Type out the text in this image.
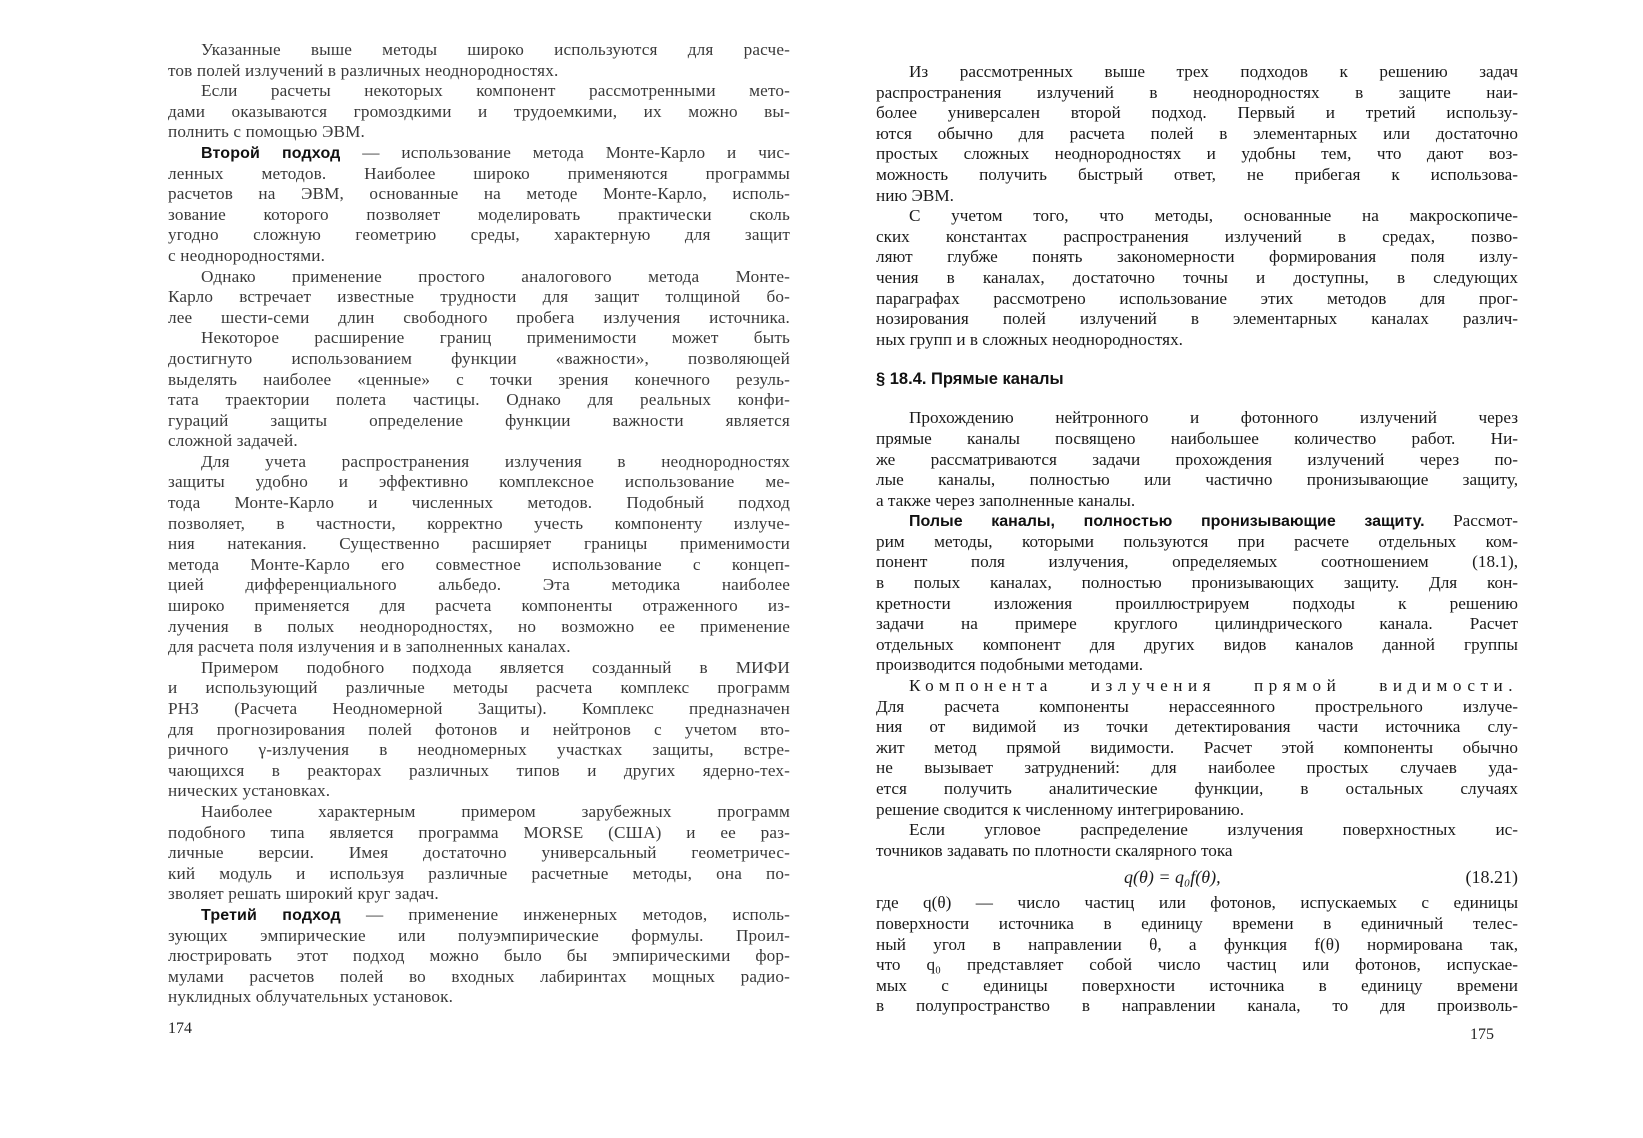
Указанные выше методы широко используются для расче-
тов полей излучений в различных неоднородностях.
Если расчеты некоторых компонент рассмотренными мето-
дами оказываются громоздкими и трудоемкими, их можно вы-
полнить с помощью ЭВМ.
Второй подход — использование метода Монте-Карло и чис-
ленных методов. Наиболее широко применяются программы
расчетов на ЭВМ, основанные на методе Монте-Карло, исполь-
зование которого позволяет моделировать практически сколь
угодно сложную геометрию среды, характерную для защит
с неоднородностями.
Однако применение простого аналогового метода Монте-
Карло встречает известные трудности для защит толщиной бо-
лее шести-семи длин свободного пробега излучения источника.
Некоторое расширение границ применимости может быть
достигнуто использованием функции «важности», позволяющей
выделять наиболее «ценные» с точки зрения конечного резуль-
тата траектории полета частицы. Однако для реальных конфи-
гураций защиты определение функции важности является
сложной задачей.
Для учета распространения излучения в неоднородностях
защиты удобно и эффективно комплексное использование ме-
тода Монте-Карло и численных методов. Подобный подход
позволяет, в частности, корректно учесть компоненту излуче-
ния натекания. Существенно расширяет границы применимости
метода Монте-Карло его совместное использование с концеп-
цией дифференциального альбедо. Эта методика наиболее
широко применяется для расчета компоненты отраженного из-
лучения в полых неоднородностях, но возможно ее применение
для расчета поля излучения и в заполненных каналах.
Примером подобного подхода является созданный в МИФИ
и использующий различные методы расчета комплекс программ
РНЗ (Расчета Неодномерной Защиты). Комплекс предназначен
для прогнозирования полей фотонов и нейтронов с учетом вто-
ричного γ-излучения в неодномерных участках защиты, встре-
чающихся в реакторах различных типов и других ядерно-тех-
нических установках.
Наиболее характерным примером зарубежных программ
подобного типа является программа MORSE (США) и ее раз-
личные версии. Имея достаточно универсальный геометричес-
кий модуль и используя различные расчетные методы, она по-
зволяет решать широкий круг задач.
Третий подход — применение инженерных методов, исполь-
зующих эмпирические или полуэмпирические формулы. Проил-
люстрировать этот подход можно было бы эмпирическими фор-
мулами расчетов полей во входных лабиринтах мощных радио-
нуклидных облучательных установок.
174
Из рассмотренных выше трех подходов к решению задач
распространения излучений в неоднородностях в защите наи-
более универсален второй подход. Первый и третий использу-
ются обычно для расчета полей в элементарных или достаточно
простых сложных неоднородностях и удобны тем, что дают воз-
можность получить быстрый ответ, не прибегая к использова-
нию ЭВМ.
С учетом того, что методы, основанные на макроскопиче-
ских константах распространения излучений в средах, позво-
ляют глубже понять закономерности формирования поля излу-
чения в каналах, достаточно точны и доступны, в следующих
параграфах рассмотрено использование этих методов для прог-
нозирования полей излучений в элементарных каналах различ-
ных групп и в сложных неоднородностях.
§ 18.4. Прямые каналы
Прохождению нейтронного и фотонного излучений через
прямые каналы посвящено наибольшее количество работ. Ни-
же рассматриваются задачи прохождения излучений через по-
лые каналы, полностью или частично пронизывающие защиту,
а также через заполненные каналы.
Полые каналы, полностью пронизывающие защиту. Рассмот-
рим методы, которыми пользуются при расчете отдельных ком-
понент поля излучения, определяемых соотношением (18.1),
в полых каналах, полностью пронизывающих защиту. Для кон-
кретности изложения проиллюстрируем подходы к решению
задачи на примере круглого цилиндрического канала. Расчет
отдельных компонент для других видов каналов данной группы
производится подобными методами.
Компонента излучения прямой видимости.
Для расчета компоненты нерассеянного прострельного излуче-
ния от видимой из точки детектирования части источника слу-
жит метод прямой видимости. Расчет этой компоненты обычно
не вызывает затруднений: для наиболее простых случаев уда-
ется получить аналитические функции, в остальных случаях
решение сводится к численному интегрированию.
Если угловое распределение излучения поверхностных ис-
точников задавать по плотности скалярного тока
q(θ) = q₀f(θ),	(18.21)
где q(θ) — число частиц или фотонов, испускаемых с единицы
поверхности источника в единицу времени в единичный телес-
ный угол в направлении θ, а функция f(θ) нормирована так,
что q₀ представляет собой число частиц или фотонов, испускае-
мых с единицы поверхности источника в единицу времени
в полупространство в направлении канала, то для произволь-
175
